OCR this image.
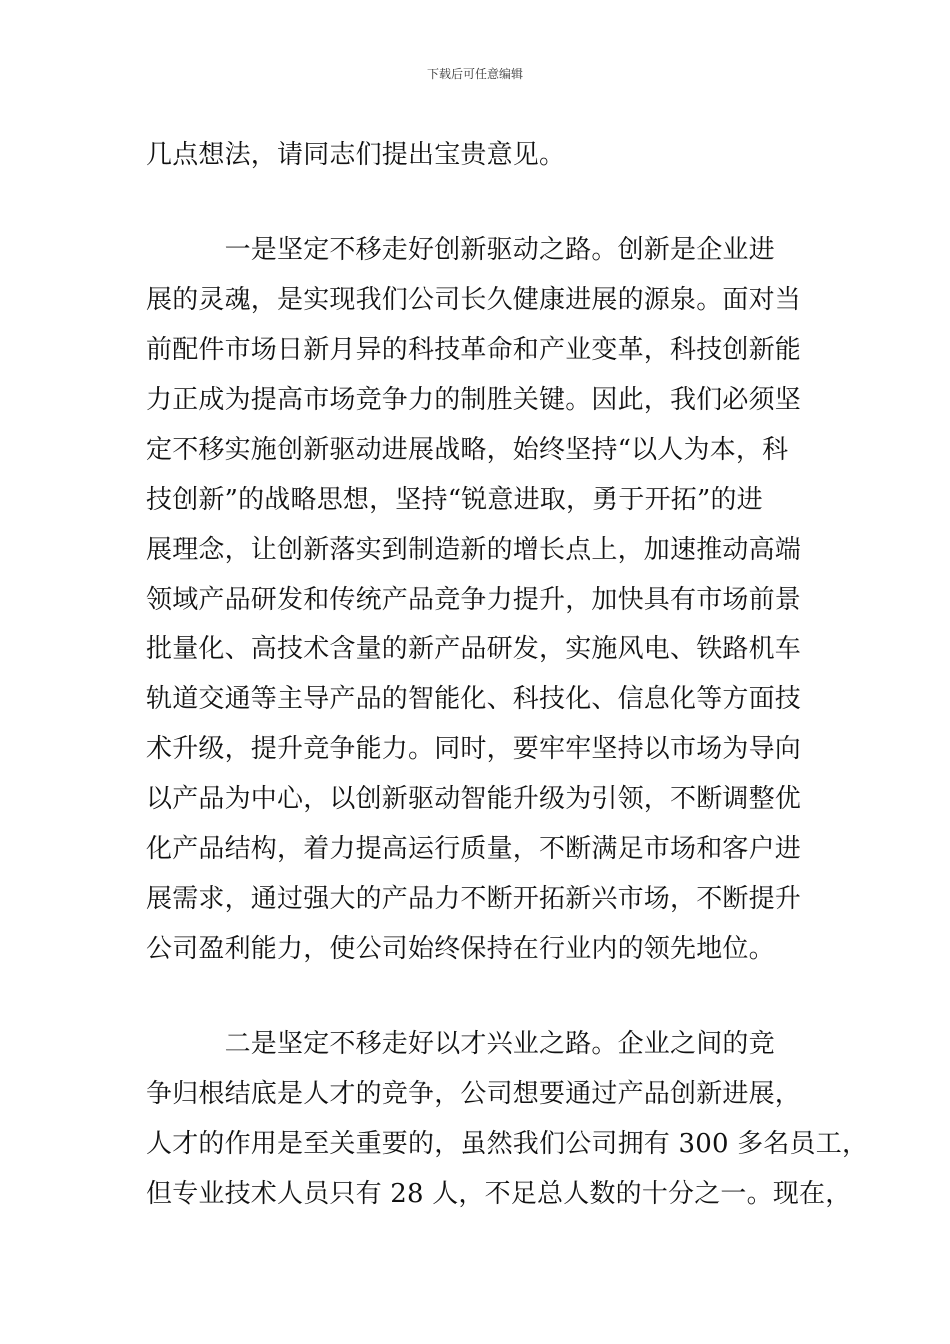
下载后可任意编辑
几点想法，请同志们提出宝贵意见。
　　　一是坚定不移走好创新驱动之路。创新是企业进
展的灵魂，是实现我们公司长久健康进展的源泉。面对当
前配件市场日新月异的科技革命和产业变革，科技创新能
力正成为提高市场竞争力的制胜关键。因此，我们必须坚
定不移实施创新驱动进展战略，始终坚持“以人为本，科
技创新”的战略思想，坚持“锐意进取，勇于开拓”的进
展理念，让创新落实到制造新的增长点上，加速推动高端
领域产品研发和传统产品竞争力提升，加快具有市场前景
批量化、高技术含量的新产品研发，实施风电、铁路机车
轨道交通等主导产品的智能化、科技化、信息化等方面技
术升级，提升竞争能力。同时，要牢牢坚持以市场为导向
以产品为中心，以创新驱动智能升级为引领，不断调整优
化产品结构，着力提高运行质量，不断满足市场和客户进
展需求，通过强大的产品力不断开拓新兴市场，不断提升
公司盈利能力，使公司始终保持在行业内的领先地位。
　　　二是坚定不移走好以才兴业之路。企业之间的竞
争归根结底是人才的竞争，公司想要通过产品创新进展，
人才的作用是至关重要的，虽然我们公司拥有 300 多名员工，
但专业技术人员只有 28 人，不足总人数的十分之一。现在，
